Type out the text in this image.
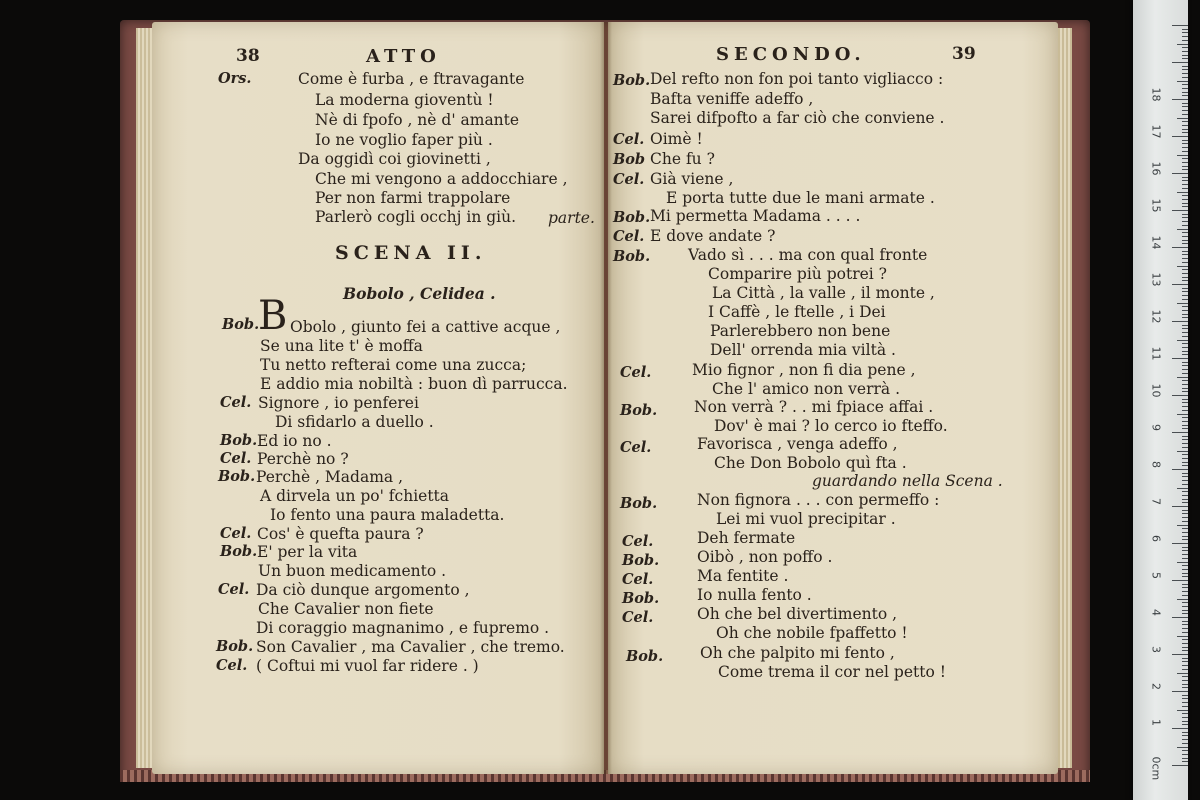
38	ATTO
Ors.	Come è furba , e ftravagante
La moderna gioventù !
Nè di fpofo , nè d' amante
Io ne voglio faper più .
Da oggidì coi giovinetti ,
Che mi vengono a addocchiare ,
Per non farmi trappolare
Parlerò cogli occhj in giù. parte.
SCENA II.
Bobolo , Celidea .
Bob.
B Obolo , giunto fei a cattive acque ,
Se una lite t' è moffa
Tu netto refterai come una zucca;
E addio mia nobiltà : buon dì parrucca.
Cel. Signore , io penferei
Di sfidarlo a duello .
Bob. Ed io no .
Cel. Perchè no ?
Bob. Perchè , Madama ,
A dirvela un po' fchietta
Io fento una paura maladetta.
Cel. Cos' è quefta paura ?
Bob. E' per la vita
Un buon medicamento .
Cel. Da ciò dunque argomento ,
Che Cavalier non fiete
Di coraggio magnanimo , e fupremo .
Bob. Son Cavalier , ma Cavalier , che tremo.
Cel. ( Coftui mi vuol far ridere . )
SECONDO.	39
Bob. Del refto non fon poi tanto vigliacco :
Bafta veniffe adeffo ,
Sarei difpofto a far ciò che conviene .
Cel. Oimè !
Bob Che fu ?
Cel. Già viene ,
E porta tutte due le mani armate .
Bob. Mi permetta Madama . . . .
Cel. E dove andate ?
Bob. Vado sì . . . ma con qual fronte
Comparire più potrei ?
La Città , la valle , il monte ,
I Caffè , le ftelle , i Dei
Parlerebbero non bene
Dell' orrenda mia viltà .
Cel.	Mio fignor , non fi dia pene ,
Che l' amico non verrà .
Bob. Non verrà ? . . mi fpiace affai .
Dov' è mai ? lo cerco io fteffo.
Cel.	Favorisca , venga adeffo ,
Che Don Bobolo quì fta .
guardando nella Scena .
Bob.	Non fignora . . . con permeffo :
Lei mi vuol precipitar .
Cel.	Deh fermate
Bob. Oibò , non poffo .
Cel.	Ma fentite .
Bob. Io nulla fento .
Cel.	Oh che bel divertimento ,
Oh che nobile fpaffetto !
Bob. Oh che palpito mi fento ,
Come trema il cor nel petto !
0cm
1
2
3
4
5
6
7
8
9
10
11
12
13
14
15
16
17
18
